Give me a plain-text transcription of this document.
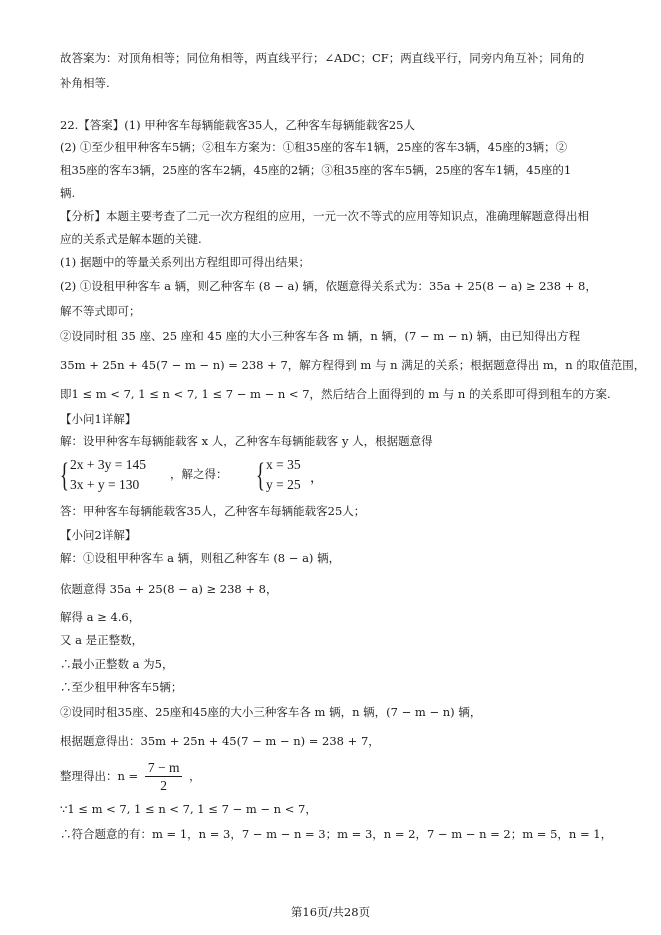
故答案为：对顶角相等；同位角相等，两直线平行；∠ADC；CF；两直线平行，同旁内角互补；同角的
补角相等.
22.【答案】(1) 甲种客车每辆能载客35人，乙种客车每辆能载客25人
(2) ①至少租甲种客车5辆；②租车方案为：①租35座的客车1辆，25座的客车3辆，45座的3辆；②
租35座的客车3辆，25座的客车2辆，45座的2辆；③租35座的客车5辆，25座的客车1辆，45座的1
辆.
【分析】本题主要考查了二元一次方程组的应用，一元一次不等式的应用等知识点，准确理解题意得出相
应的关系式是解本题的关键.
(1) 据题中的等量关系列出方程组即可得出结果；
(2) ①设租甲种客车 a 辆，则乙种客车 (8 − a) 辆，依题意得关系式为：35a + 25(8 − a) ≥ 238 + 8，
解不等式即可；
②设同时租 35 座、25 座和 45 座的大小三种客车各 m 辆，n 辆，(7 − m − n) 辆，由已知得出方程
35m + 25n + 45(7 − m − n) = 238 + 7，解方程得到 m 与 n 满足的关系；根据题意得出 m，n 的取值范围，
即1 ≤ m < 7, 1 ≤ n < 7, 1 ≤ 7 − m − n < 7，然后结合上面得到的 m 与 n 的关系即可得到租车的方案.
【小问1详解】
解：设甲种客车每辆能载客 x 人，乙种客车每辆能载客 y 人，根据题意得
{ 2x + 3y = 145
3x + y = 130
，解之得： { x = 35
y = 25 ，
答：甲种客车每辆能载客35人，乙种客车每辆能载客25人；
【小问2详解】
解：①设租甲种客车 a 辆，则租乙种客车 (8 − a) 辆，
依题意得 35a + 25(8 − a) ≥ 238 + 8，
解得 a ≥ 4.6，
又 a 是正整数，
∴最小正整数 a 为5，
∴至少租甲种客车5辆；
②设同时租35座、25座和45座的大小三种客车各 m 辆，n 辆，(7 − m − n) 辆，
根据题意得出：35m + 25n + 45(7 − m − n) = 238 + 7，
整理得出：$n = \frac{7 - m}{2}$ ，
∵1 ≤ m < 7, 1 ≤ n < 7, 1 ≤ 7 − m − n < 7，
∴符合题意的有：m = 1，n = 3，7 − m − n = 3；m = 3，n = 2，7 − m − n = 2；m = 5，n = 1，
第16页/共28页
